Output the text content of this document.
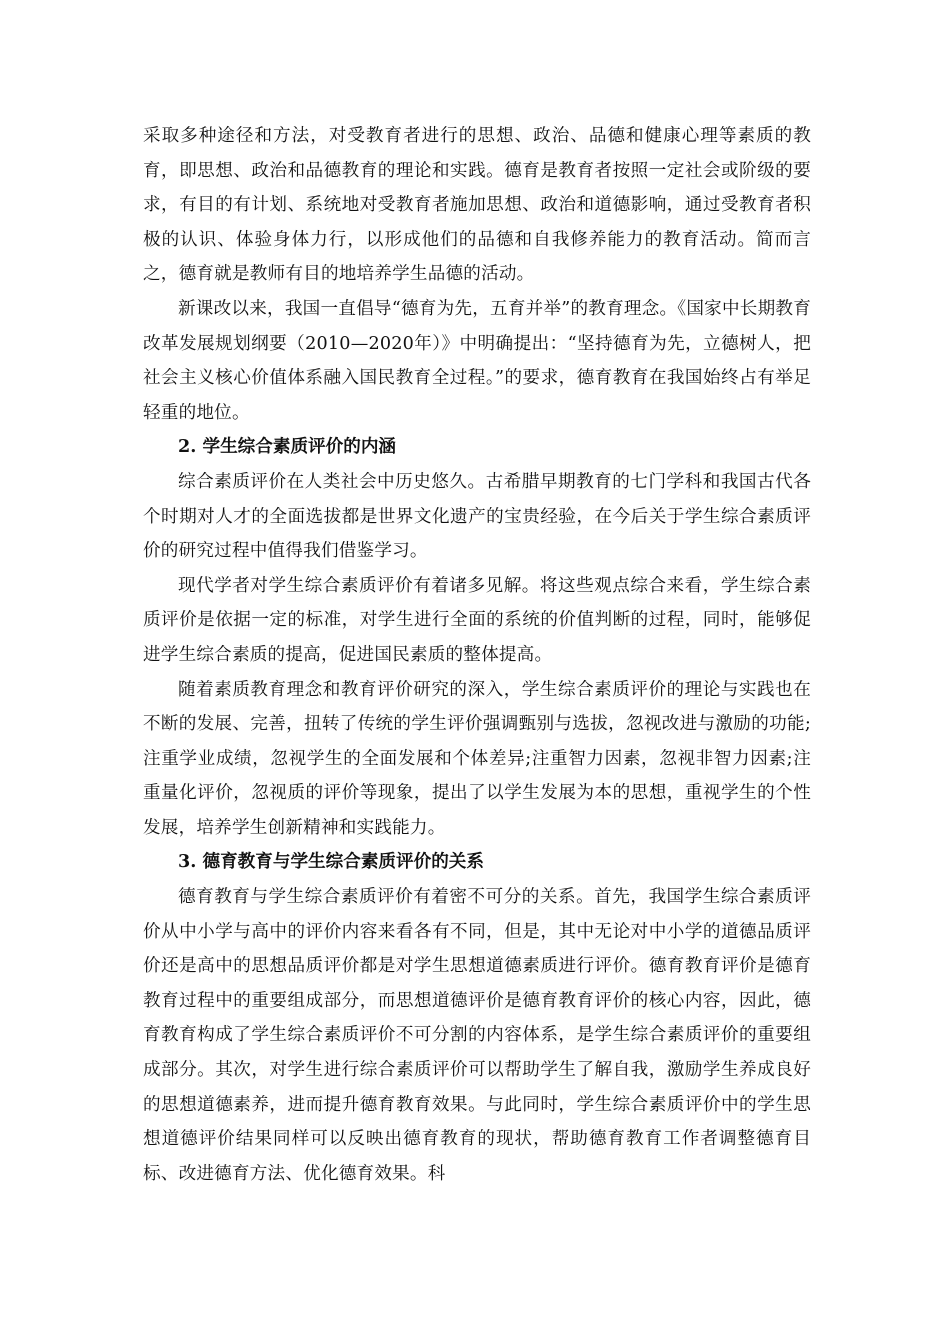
采取多种途径和方法，对受教育者进行的思想、政治、品德和健康心理等素质的教育，即思想、政治和品德教育的理论和实践。德育是教育者按照一定社会或阶级的要求，有目的有计划、系统地对受教育者施加思想、政治和道德影响，通过受教育者积极的认识、体验身体力行，以形成他们的品德和自我修养能力的教育活动。简而言之，德育就是教师有目的地培养学生品德的活动。

新课改以来，我国一直倡导“德育为先，五育并举”的教育理念。《国家中长期教育改革发展规划纲要（2010—2020年）》中明确提出：“坚持德育为先，立德树人，把社会主义核心价值体系融入国民教育全过程。”的要求，德育教育在我国始终占有举足轻重的地位。

2. 学生综合素质评价的内涵

综合素质评价在人类社会中历史悠久。古希腊早期教育的七门学科和我国古代各个时期对人才的全面选拔都是世界文化遗产的宝贵经验，在今后关于学生综合素质评价的研究过程中值得我们借鉴学习。

现代学者对学生综合素质评价有着诸多见解。将这些观点综合来看，学生综合素质评价是依据一定的标准，对学生进行全面的系统的价值判断的过程，同时，能够促进学生综合素质的提高，促进国民素质的整体提高。

随着素质教育理念和教育评价研究的深入，学生综合素质评价的理论与实践也在不断的发展、完善，扭转了传统的学生评价强调甄别与选拔，忽视改进与激励的功能;注重学业成绩，忽视学生的全面发展和个体差异;注重智力因素，忽视非智力因素;注重量化评价，忽视质的评价等现象，提出了以学生发展为本的思想，重视学生的个性发展，培养学生创新精神和实践能力。

3. 德育教育与学生综合素质评价的关系

德育教育与学生综合素质评价有着密不可分的关系。首先，我国学生综合素质评价从中小学与高中的评价内容来看各有不同，但是，其中无论对中小学的道德品质评价还是高中的思想品质评价都是对学生思想道德素质进行评价。德育教育评价是德育教育过程中的重要组成部分，而思想道德评价是德育教育评价的核心内容，因此，德育教育构成了学生综合素质评价不可分割的内容体系，是学生综合素质评价的重要组成部分。其次，对学生进行综合素质评价可以帮助学生了解自我，激励学生养成良好的思想道德素养，进而提升德育教育效果。与此同时，学生综合素质评价中的学生思想道德评价结果同样可以反映出德育教育的现状，帮助德育教育工作者调整德育目标、改进德育方法、优化德育效果。科
